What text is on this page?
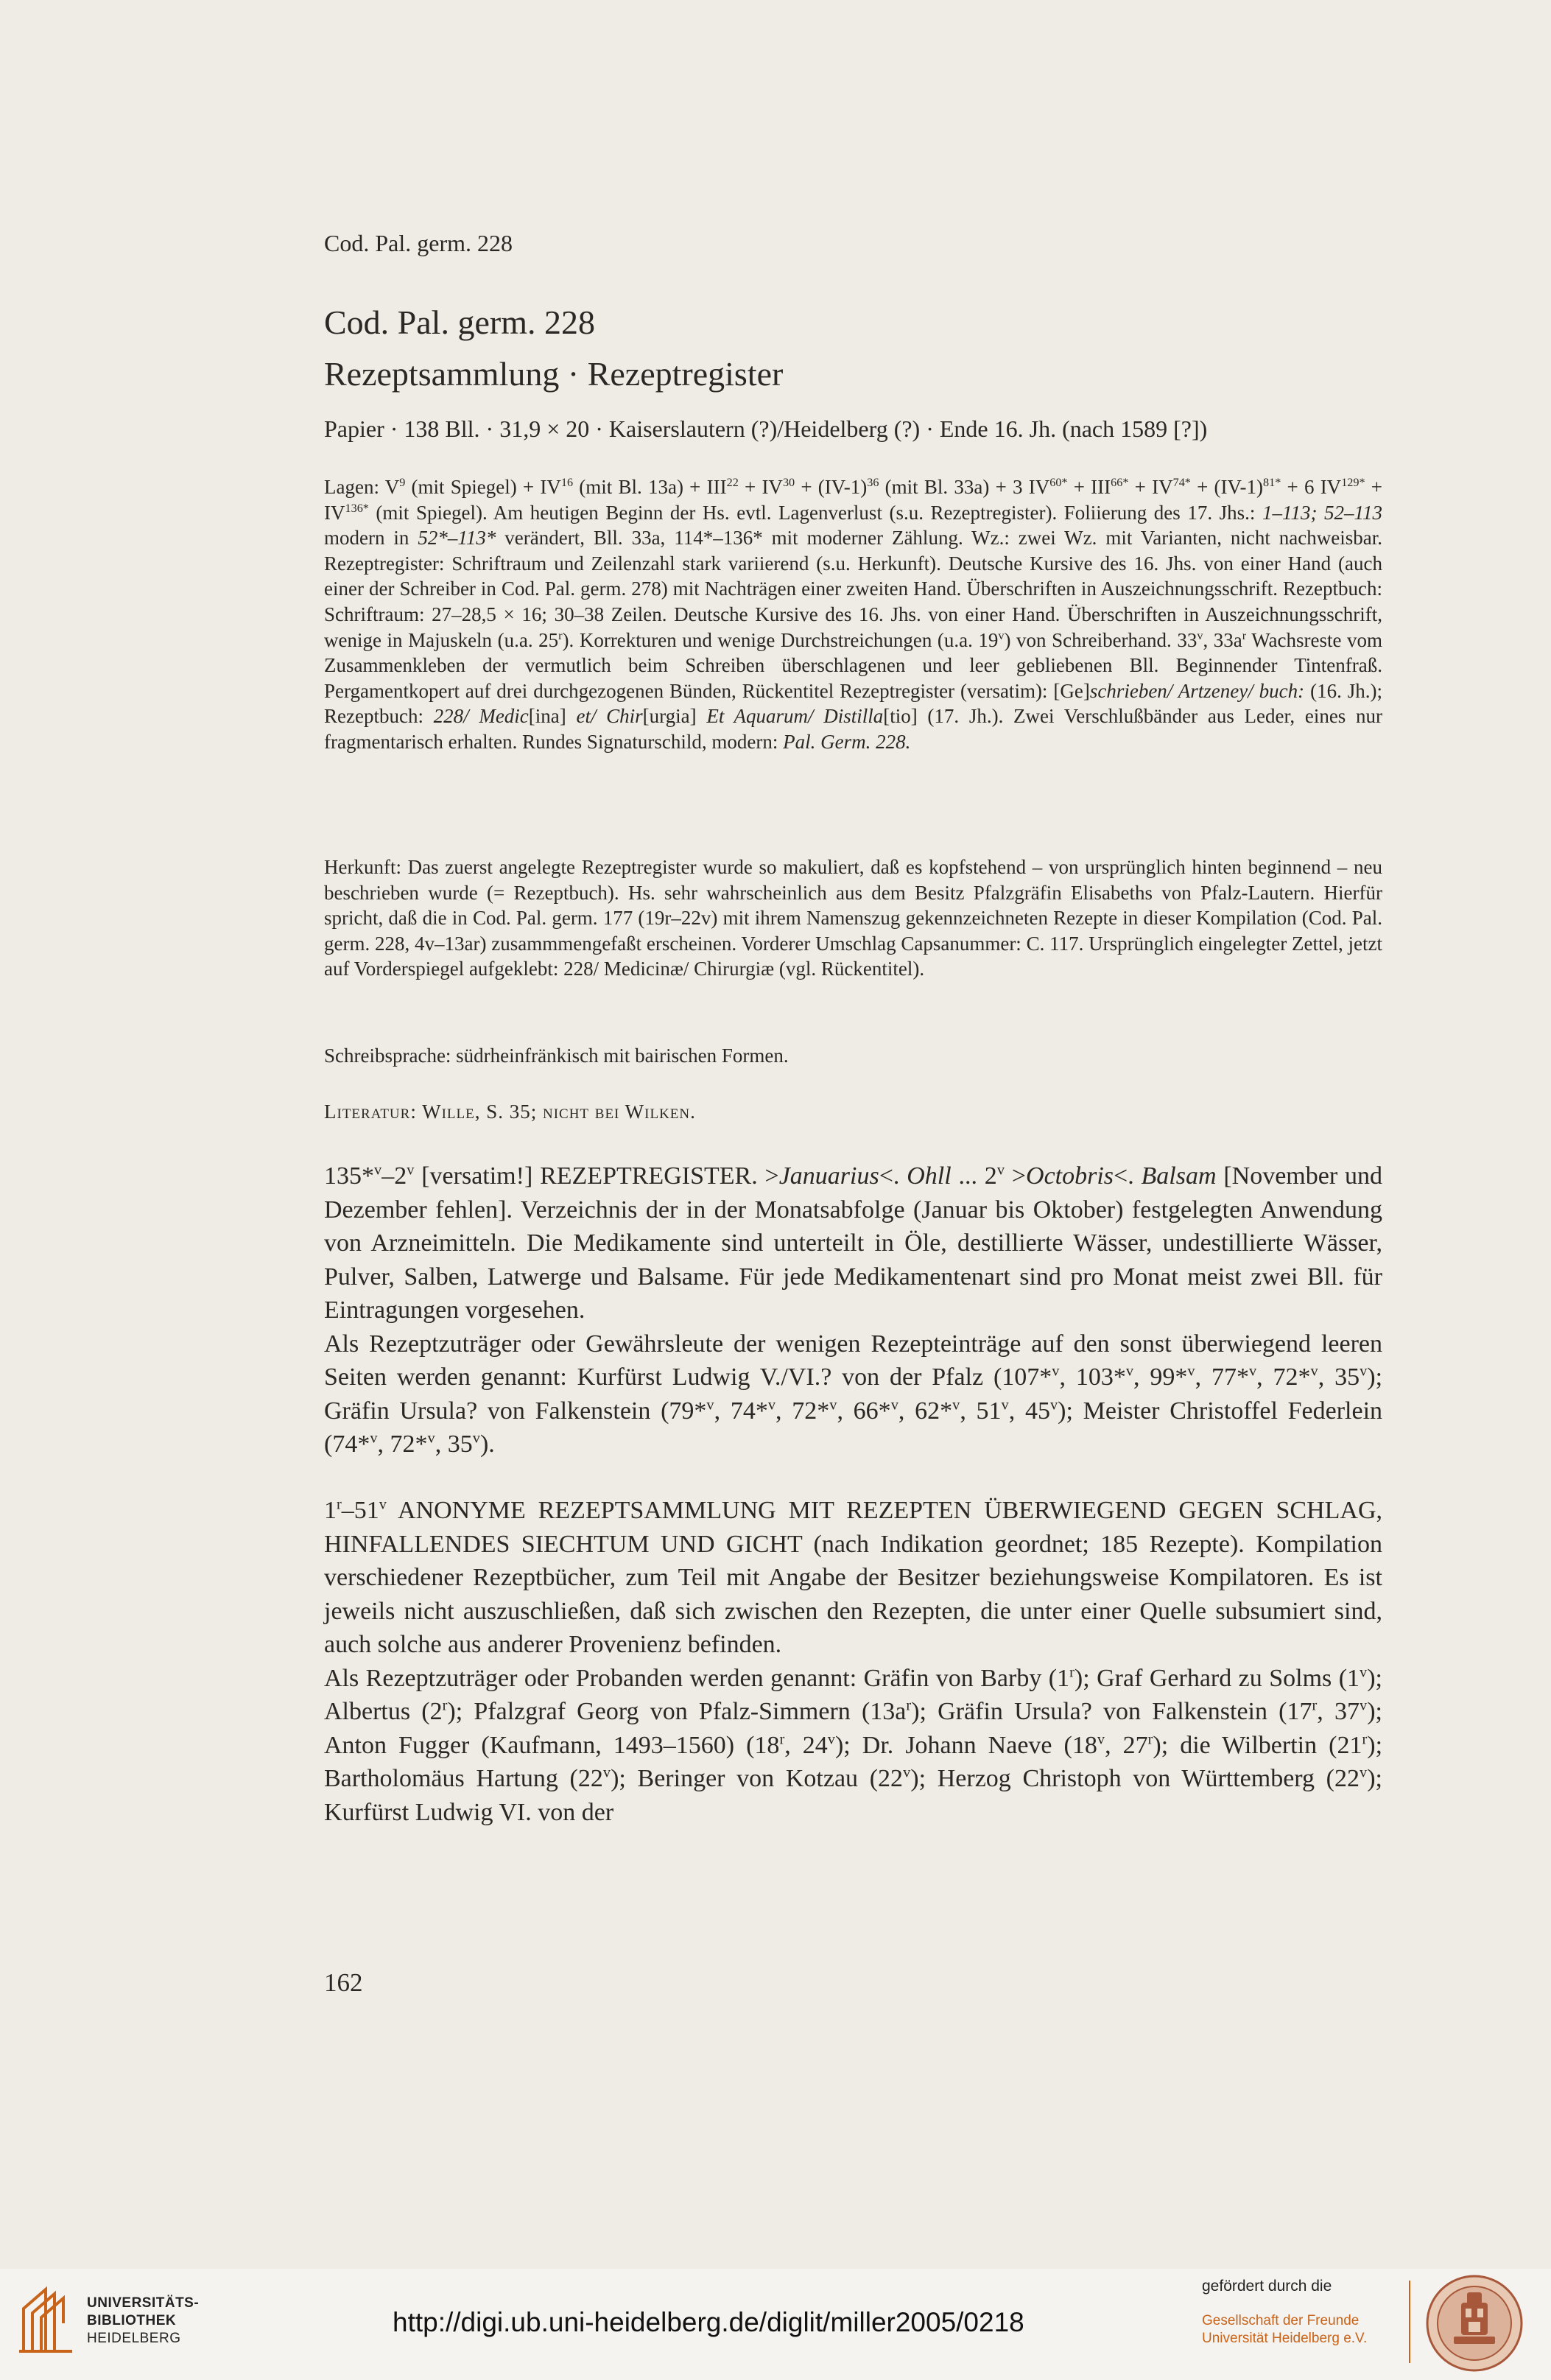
Cod. Pal. germ. 228
Cod. Pal. germ. 228
Rezeptsammlung · Rezeptregister
Papier · 138 Bll. · 31,9 × 20 · Kaiserslautern (?)/Heidelberg (?) · Ende 16. Jh. (nach 1589 [?])

Lagen: $V^9$ (mit Spiegel) + $IV^{16}$ (mit Bl. $13a) + III^{22} + IV^{30} + (IV-1)^{36}$ (mit Bl. 33a) + 3 $IV^{60*} + III^{66*} + IV^{74*} + (IV-1)^{81*} + 6$ $IV^{129*} + IV^{136*}$ (mit Spiegel). Am heutigen Beginn der Hs. evtl. Lagenverlust (s.u. Rezeptregister). Foliierung des 17. Jhs.: 1–113; 52–113 modern in 52*–113* verändert, Bll. 33a, 114*–136* mit moderner Zählung. Wz.: zwei Wz. mit Varianten, nicht nachweisbar. Rezeptregister: Schriftraum und Zeilenzahl stark variierend (s.u. Herkunft). Deutsche Kursive des 16. Jhs. von einer Hand (auch einer der Schreiber in Cod. Pal. germ. 278) mit Nachträgen einer zweiten Hand. Überschriften in Auszeichnungsschrift. Rezeptbuch: Schriftraum: 27–28,5 × 16; 30–38 Zeilen. Deutsche Kursive des 16. Jhs. von einer Hand. Überschriften in Auszeichnungsschrift, wenige in Majuskeln (u.a. 25$^r$). Korrekturen und wenige Durchstreichungen (u.a. 19$^v$) von Schreiberhand. 33$^v$, $33a^r$ Wachsreste vom Zusammenkleben der vermutlich beim Schreiben überschlagenen und leer gebliebenen Bll. Beginnender Tintenfraß. Pergamentkopert auf drei durchgezogenen Bünden, Rückentitel Rezeptregister (versatim): [Ge]schrieben/ Artzeney/ buch: (16. Jh.); Rezeptbuch: 228/ Medic[ina] et/ Chir[urgia] Et Aquarum/ Distilla[tio] (17. Jh.). Zwei Verschlußbänder aus Leder, eines nur fragmentarisch erhalten. Rundes Signaturschild, modern: Pal. Germ. 228.

Herkunft: Das zuerst angelegte Rezeptregister wurde so makuliert, daß es kopfstehend – von ursprünglich hinten beginnend – neu beschrieben wurde (= Rezeptbuch). Hs. sehr wahrscheinlich aus dem Besitz Pfalzgräfin Elisabeths von Pfalz-Lautern. Hierfür spricht, daß die in Cod. Pal. germ. 177 (19r–22v) mit ihrem Namenszug gekennzeichneten Rezepte in dieser Kompilation (Cod. Pal. germ. 228, 4v–13ar) zusammmengefaßt erscheinen. Vorderer Umschlag Capsanummer: C. 117. Ursprünglich eingelegter Zettel, jetzt auf Vorderspiegel aufgeklebt: 228/ Medicinæ/ Chirurgiæ (vgl. Rückentitel).

Schreibsprache: südrheinfränkisch mit bairischen Formen.
Literatur: Wille, S. 35; nicht bei Wilken.

135*$^v$–2$^v$ [versatim!] REZEPTREGISTER. >Januarius<. Ohll ... $2^v$ >Octobris<. Balsam [November und Dezember fehlen]. Verzeichnis der in der Monatsabfolge (Januar bis Oktober) festgelegten Anwendung von Arzneimitteln. Die Medikamente sind unterteilt in Öle, destillierte Wässer, undestillierte Wässer, Pulver, Salben, Latwerge und Balsame. Für jede Medikamentenart sind pro Monat meist zwei Bll. für Eintragungen vorgesehen.

Als Rezeptzuträger oder Gewährsleute der wenigen Rezepteinträge auf den sonst überwiegend leeren Seiten werden genannt: Kurfürst Ludwig V./VI.? von der Pfalz (107*$^v$, 103*$^v$, 99*$^v$, 77*$^v$, 72*$^v$, 35$^v$); Gräfin Ursula? von Falkenstein (79*$^v$, 74*$^v$, 72*$^v$, 66*$^v$, 62*$^v$, 51$^v$, 45$^v$); Meister Christoffel Federlein (74*$^v$, 72*$^v$, 35$^v$).

1$^r$–51$^v$ ANONYME REZEPTSAMMLUNG MIT REZEPTEN ÜBERWIEGEND GEGEN SCHLAG, HINFALLENDES SIECHTUM UND GICHT (nach Indikation geordnet; 185 Rezepte). Kompilation verschiedener Rezeptbücher, zum Teil mit Angabe der Besitzer beziehungsweise Kompilatoren. Es ist jeweils nicht auszuschließen, daß sich zwischen den Rezepten, die unter einer Quelle subsumiert sind, auch solche aus anderer Provenienz befinden.

Als Rezeptzuträger oder Probanden werden genannt: Gräfin von Barby (1$^r$); Graf Gerhard zu Solms (1$^v$); Albertus (2$^r$); Pfalzgraf Georg von Pfalz-Simmern $(13a^r)$; Gräfin Ursula? von Falkenstein (17$^r$, 37$^v$); Anton Fugger (Kaufmann, 1493–1560) (18$^r$, 24$^v$); Dr. Johann Naeve (18$^v$, 27$^r$); die Wilbertin (21$^r$); Bartholomäus Hartung (22$^v$); Beringer von Kotzau (22$^v$); Herzog Christoph von Württemberg (22$^v$); Kurfürst Ludwig VI. von der

162
UNIVERSITÄTS-
BIBLIOTHEK
HEIDELBERG
http://digi.ub.uni-heidelberg.de/diglit/miller2005/0218
gefördert durch die
Gesellschaft der Freunde
Universität Heidelberg e.V.
